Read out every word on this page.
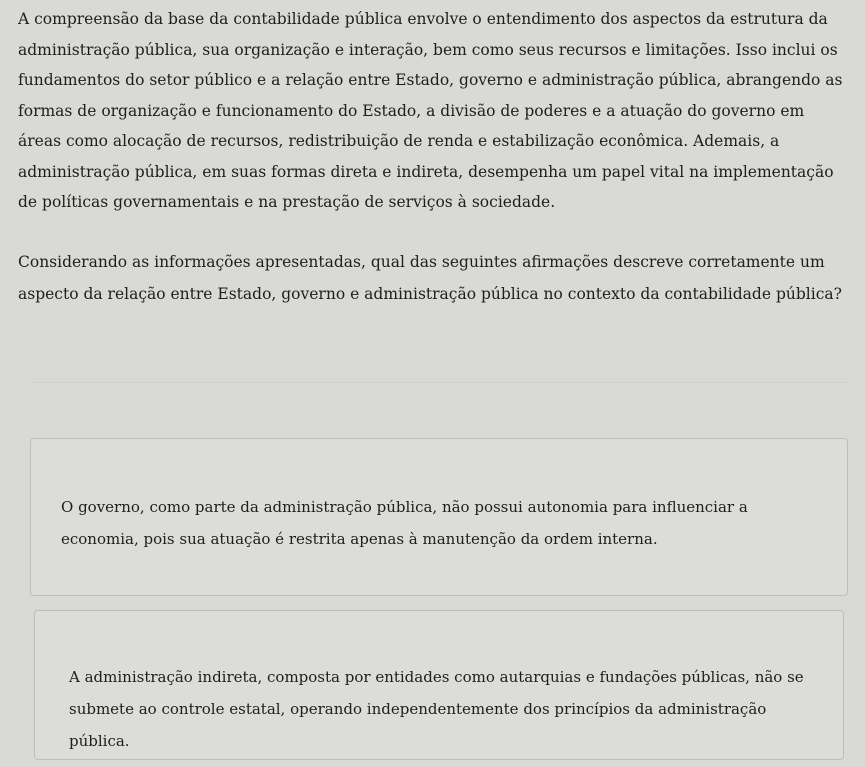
A compreensão da base da contabilidade pública envolve o entendimento dos aspectos da estrutura da administração pública, sua organização e interação, bem como seus recursos e limitações. Isso inclui os fundamentos do setor público e a relação entre Estado, governo e administração pública, abrangendo as formas de organização e funcionamento do Estado, a divisão de poderes e a atuação do governo em áreas como alocação de recursos, redistribuição de renda e estabilização econômica. Ademais, a administração pública, em suas formas direta e indireta, desempenha um papel vital na implementação de políticas governamentais e na prestação de serviços à sociedade.

Considerando as informações apresentadas, qual das seguintes afirmações descreve corretamente um aspecto da relação entre Estado, governo e administração pública no contexto da contabilidade pública?

O governo, como parte da administração pública, não possui autonomia para influenciar a economia, pois sua atuação é restrita apenas à manutenção da ordem interna.

A administração indireta, composta por entidades como autarquias e fundações públicas, não se submete ao controle estatal, operando independentemente dos princípios da administração pública.
